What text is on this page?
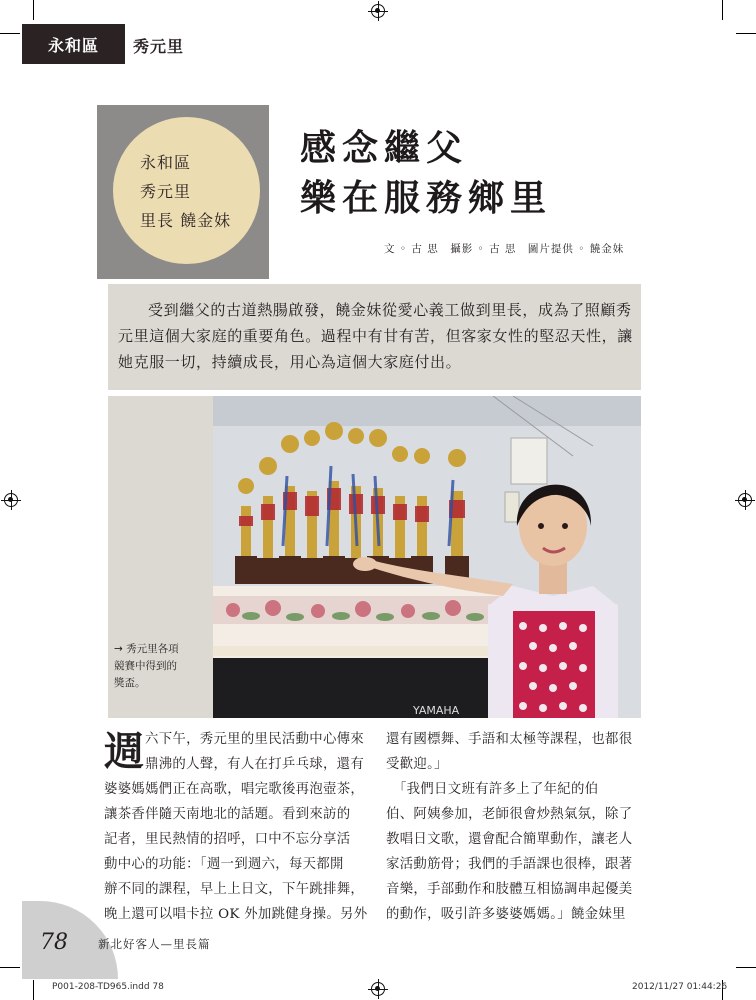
永和區	秀元里
永和區
秀元里
里長 饒金妹
感念繼父
樂在服務鄉里
文 ◦ 古 思　攝影 ◦ 古 思　圖片提供 ◦ 饒金妹
受到繼父的古道熱腸啟發，饒金妹從愛心義工做到里長，成為了照顧秀元里這個大家庭的重要角色。過程中有甘有苦，但客家女性的堅忍天性，讓她克服一切，持續成長，用心為這個大家庭付出。
YAMAHA
→ 秀元里各項
競賽中得到的
獎盃。
週 六下午，秀元里的里民活動中心傳來
鼎沸的人聲，有人在打乒乓球，還有
婆婆媽媽們正在高歌，唱完歌後再泡壺茶，
讓茶香伴隨天南地北的話題。看到來訪的
記者，里民熱情的招呼，口中不忘分享活
動中心的功能：「週一到週六，每天都開
辦不同的課程，早上上日文，下午跳排舞，
晚上還可以唱卡拉 OK 外加跳健身操。另外
還有國標舞、手語和太極等課程，也都很
受歡迎。」
　「我們日文班有許多上了年紀的伯
伯、阿姨參加，老師很會炒熱氣氛，除了
教唱日文歌，還會配合簡單動作，讓老人
家活動筋骨；我們的手語課也很棒，跟著
音樂，手部動作和肢體互相協調串起優美
的動作，吸引許多婆婆媽媽。」饒金妹里
78	新北好客人—里長篇
P001-208-TD965.indd 78	2012/11/27 01:44:26
